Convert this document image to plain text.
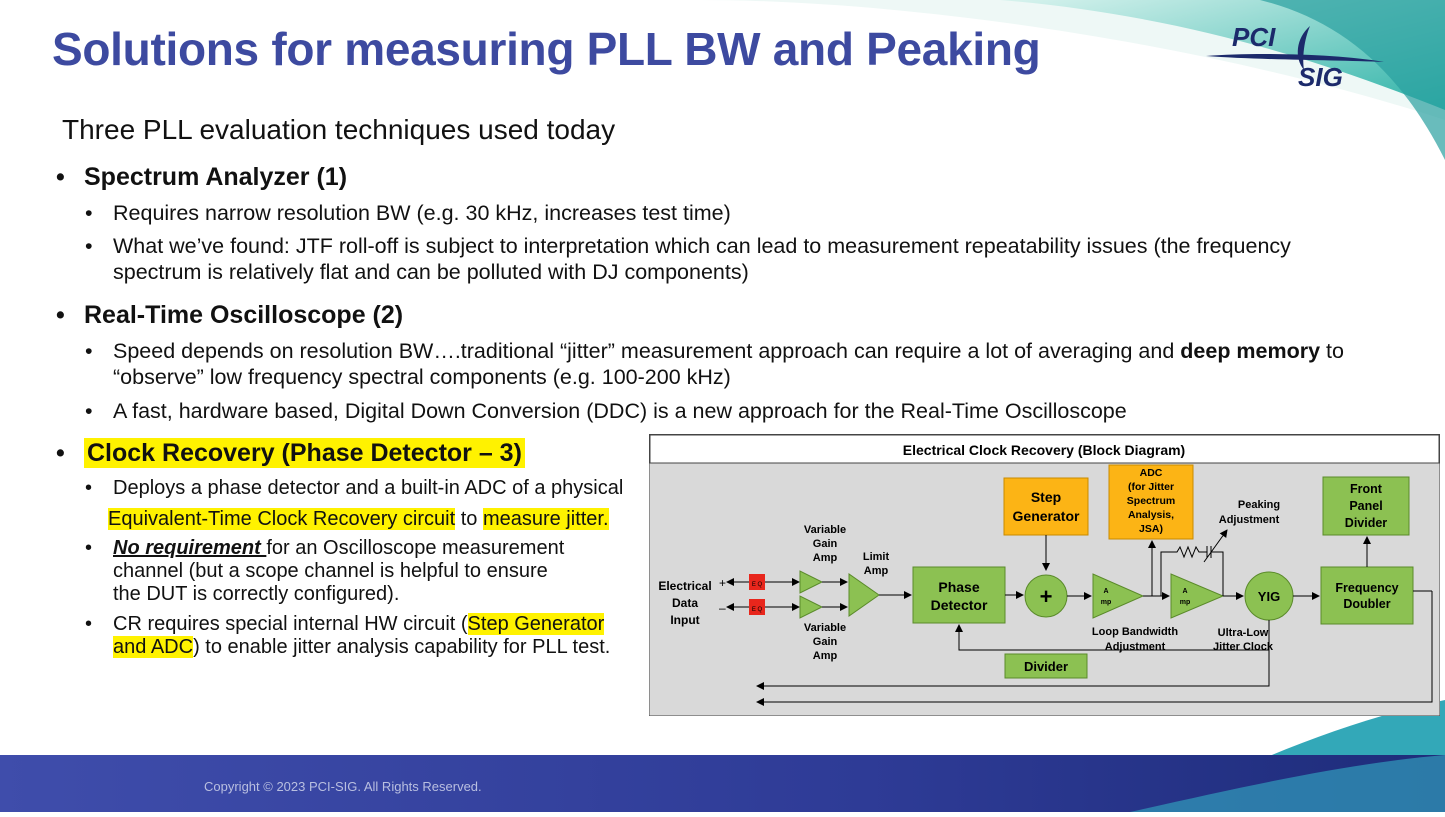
Copyright © 2023 PCI-SIG. All Rights Reserved.
Solutions for measuring PLL BW and Peaking	PCI
SIG
Three PLL evaluation techniques used today
• Spectrum Analyzer (1)
• Requires narrow resolution BW (e.g. 30 kHz, increases test time)
• What we’ve found: JTF roll-off is subject to interpretation which can lead to measurement repeatability issues (the frequency spectrum is relatively flat and can be polluted with DJ components)
• Real-Time Oscilloscope (2)
• Speed depends on resolution BW….traditional “jitter” measurement approach can require a lot of averaging and deep memory to “observe” low frequency spectral components (e.g. 100-200 kHz)
• A fast, hardware based, Digital Down Conversion (DDC) is a new approach for the Real-Time Oscilloscope
• Clock Recovery (Phase Detector – 3)
• Deploys a phase detector and a built-in ADC of a physical
Equivalent-Time Clock Recovery circuit to measure jitter.
• No requirement for an Oscilloscope measurement
channel (but a scope channel is helpful to ensure
the DUT is correctly configured).
• CR requires special internal HW circuit (Step Generator
and ADC) to enable jitter analysis capability for PLL test.
Electrical Clock Recovery (Block Diagram)
Electrical
Data
Input
E Q
E Q
+
–
Variable
Gain
Amp
Variable
Gain
Amp
Limit
Amp
Phase
Detector
Step
Generator
+	A
mp
Loop Bandwidth
Adjustment
ADC
(for Jitter
Spectrum
Analysis,
JSA)
A
mp
Peaking
Adjustment
YIG
Ultra-Low
Jitter Clock
Frequency
Doubler
Front
Panel
Divider
Divider
